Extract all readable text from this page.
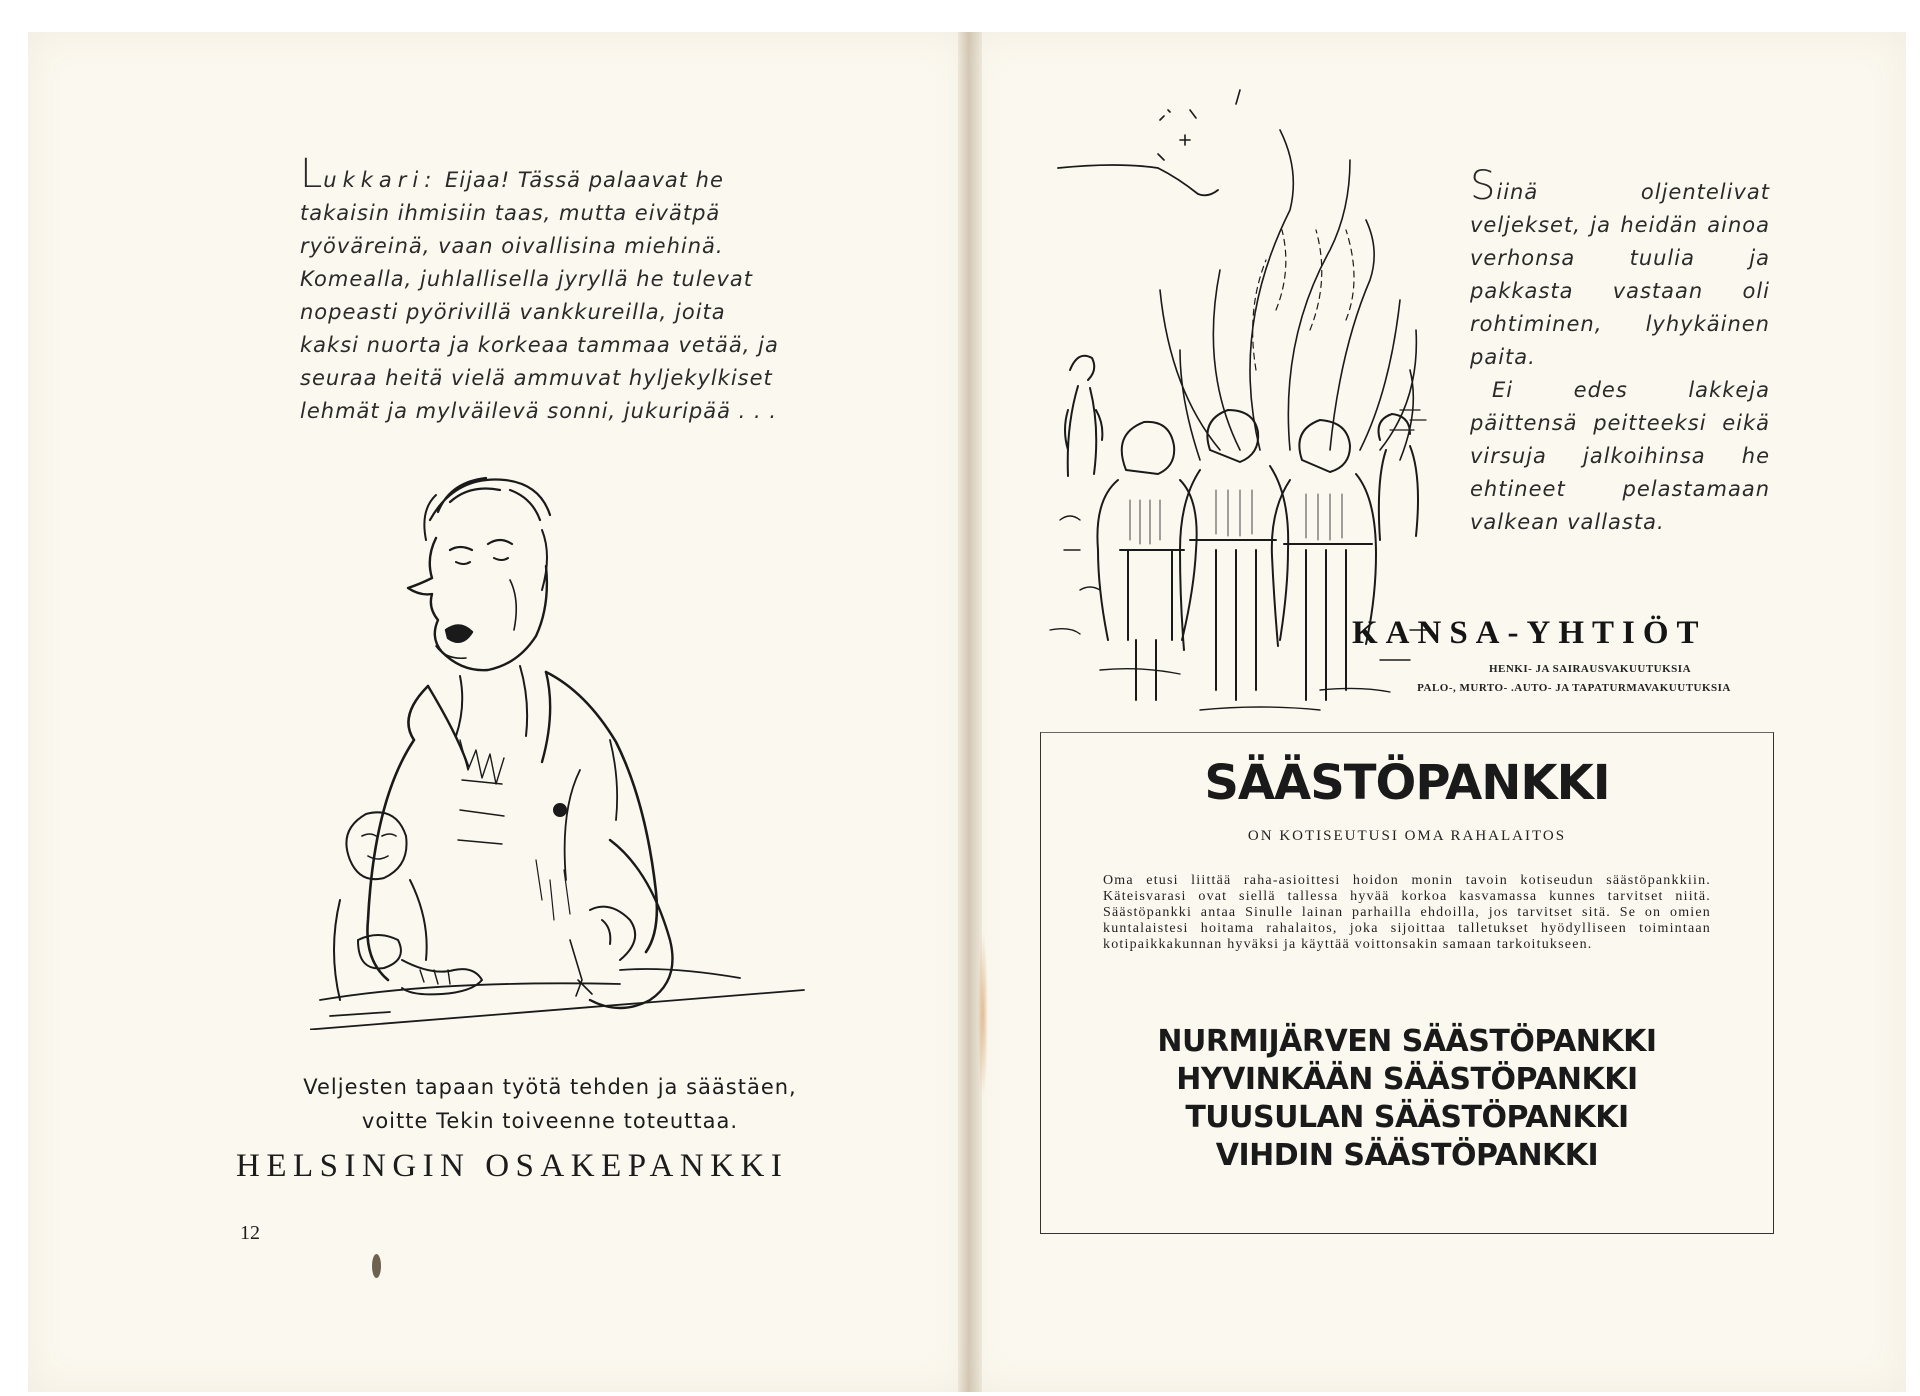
Lukkari: Eijaa! Tässä palaavat he takaisin ihmisiin taas, mutta eivätpä ryöväreinä, vaan oivallisina miehinä. Komealla, juhlallisella jyryllä he tulevat nopeasti pyörivillä vankkureilla, joita kaksi nuorta ja korkeaa tammaa vetää, ja seuraa heitä vielä ammuvat hyljekylkiset lehmät ja mylväilevä sonni, jukuripää . . .
Veljesten tapaan työtä tehden ja säästäen,
voitte Tekin toiveenne toteuttaa.
HELSINGIN OSAKEPANKKI
12

Siinä oljentelivat veljekset, ja heidän ainoa verhonsa tuulia ja pakkasta vastaan oli rohtiminen, lyhykäinen paita.

Ei edes lakkeja päittensä peitteeksi eikä virsuja jalkoihinsa he ehtineet pelastamaan valkean vallasta.

KANSA-YHTIÖT
HENKI- JA SAIRAUSVAKUUTUKSIA
PALO-, MURTO- .AUTO- JA TAPATURMAVAKUUTUKSIA
SÄÄSTÖPANKKI
ON KOTISEUTUSI OMA RAHALAITOS
Oma etusi liittää raha-asioittesi hoidon monin tavoin kotiseudun säästöpankkiin. Käteisvarasi ovat siellä tallessa hyvää korkoa kasvamassa kunnes tarvitset niitä. Säästöpankki antaa Sinulle lainan parhailla ehdoilla, jos tarvitset sitä. Se on omien kuntalaistesi hoitama rahalaitos, joka sijoittaa talletukset hyödylliseen toimintaan kotipaikkakunnan hyväksi ja käyttää voittonsakin samaan tarkoitukseen.
NURMIJÄRVEN SÄÄSTÖPANKKI
HYVINKÄÄN SÄÄSTÖPANKKI
TUUSULAN SÄÄSTÖPANKKI
VIHDIN SÄÄSTÖPANKKI
